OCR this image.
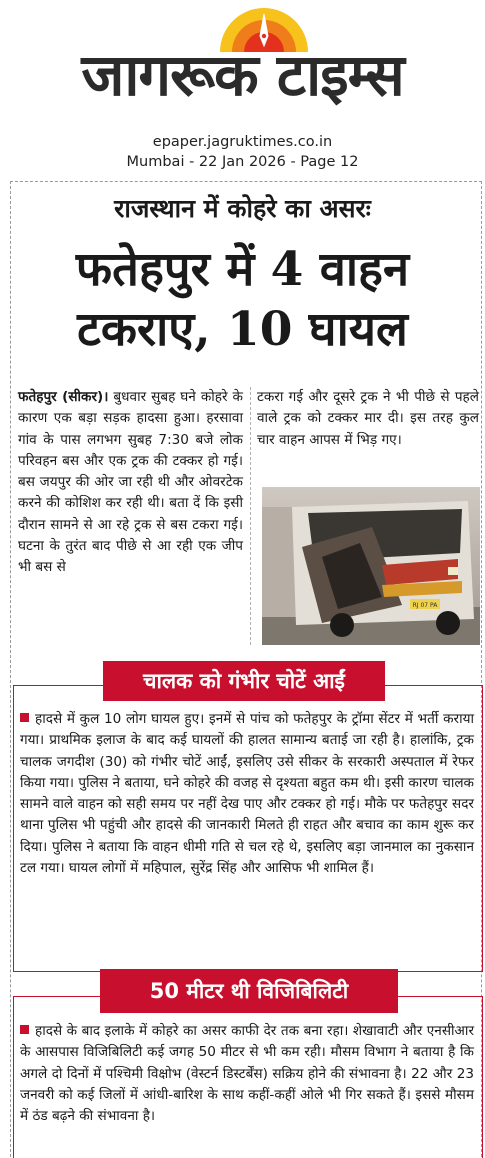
जागरूक टाइम्स
epaper.jagruktimes.co.in
Mumbai - 22 Jan 2026 - Page 12
राजस्थान में कोहरे का असरः
फतेहपुर में 4 वाहन
टकराए, 10 घायल
फतेहपुर (सीकर)। बुधवार सुबह घने कोहरे के कारण एक बड़ा सड़क हादसा हुआ। हरसावा गांव के पास लगभग सुबह 7:30 बजे लोक परिवहन बस और एक ट्रक की टक्कर हो गई। बस जयपुर की ओर जा रही थी और ओवरटेक करने की कोशिश कर रही थी। बता दें कि इसी दौरान सामने से आ रहे ट्रक से बस टकरा गई। घटना के तुरंत बाद पीछे से आ रही एक जीप भी बस से
टकरा गई और दूसरे ट्रक ने भी पीछे से पहले वाले ट्रक को टक्कर मार दी। इस तरह कुल चार वाहन आपस में भिड़ गए।
RJ 07 PA
चालक को गंभीर चोटें आईं
हादसे में कुल 10 लोग घायल हुए। इनमें से पांच को फतेहपुर के ट्रॉमा सेंटर में भर्ती कराया गया। प्राथमिक इलाज के बाद कई घायलों की हालत सामान्य बताई जा रही है। हालांकि, ट्रक चालक जगदीश (30) को गंभीर चोटें आईं, इसलिए उसे सीकर के सरकारी अस्पताल में रेफर किया गया। पुलिस ने बताया, घने कोहरे की वजह से दृश्यता बहुत कम थी। इसी कारण चालक सामने वाले वाहन को सही समय पर नहीं देख पाए और टक्कर हो गई। मौके पर फतेहपुर सदर थाना पुलिस भी पहुंची और हादसे की जानकारी मिलते ही राहत और बचाव का काम शुरू कर दिया। पुलिस ने बताया कि वाहन धीमी गति से चल रहे थे, इसलिए बड़ा जानमाल का नुकसान टल गया। घायल लोगों में महिपाल, सुरेंद्र सिंह और आसिफ भी शामिल हैं।
50 मीटर थी विजिबिलिटी
हादसे के बाद इलाके में कोहरे का असर काफी देर तक बना रहा। शेखावाटी और एनसीआर के आसपास विजिबिलिटी कई जगह 50 मीटर से भी कम रही। मौसम विभाग ने बताया है कि अगले दो दिनों में पश्चिमी विक्षोभ (वेस्टर्न डिस्टर्बेंस) सक्रिय होने की संभावना है। 22 और 23 जनवरी को कई जिलों में आंधी-बारिश के साथ कहीं-कहीं ओले भी गिर सकते हैं। इससे मौसम में ठंड बढ़ने की संभावना है।
